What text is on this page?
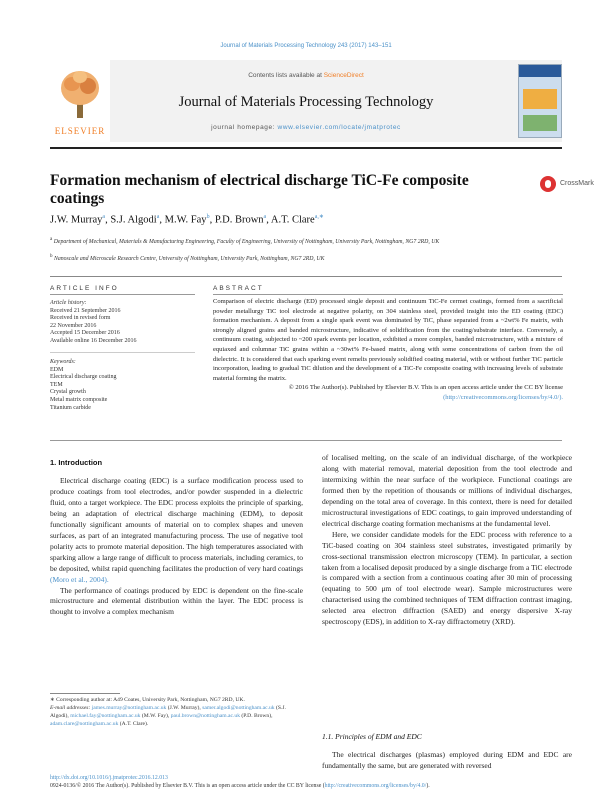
Journal of Materials Processing Technology 243 (2017) 143–151
ELSEVIER
Contents lists available at ScienceDirect
Journal of Materials Processing Technology
journal homepage: www.elsevier.com/locate/jmatprotec
Formation mechanism of electrical discharge TiC-Fe composite coatings
CrossMark
J.W. Murray$^a$, S.J. Algodi$^a$, M.W. Fay$^b$, P.D. Brown$^a$, A.T. Clare$^{a,∗}$
$^a$ Department of Mechanical, Materials & Manufacturing Engineering, Faculty of Engineering, University of Nottingham, University Park, Nottingham, NG7 2RD, UK
$^b$ Nanoscale and Microscale Research Centre, University of Nottingham, University Park, Nottingham, NG7 2RD, UK
ARTICLE INFO
Article history:
Received 21 September 2016
Received in revised form
22 November 2016
Accepted 15 December 2016
Available online 16 December 2016
Keywords:
EDM
Electrical discharge coating
TEM
Crystal growth
Metal matrix composite
Titanium carbide
ABSTRACT
Comparison of electric discharge (ED) processed single deposit and continuum TiC-Fe cermet coatings, formed from a sacrificial powder metallurgy TiC tool electrode at negative polarity, on 304 stainless steel, provided insight into the ED coating (EDC) formation mechanism. A deposit from a single spark event was dominated by TiC, phase separated from a ~2wt% Fe matrix, with strongly aligned grains and banded microstructure, indicative of solidification from the coating/substrate interface. Conversely, a continuum coating, subjected to ~200 spark events per location, exhibited a more complex, banded microstructure, with a mixture of equiaxed and columnar TiC grains within a ~30wt% Fe-based matrix, along with some concentrations of carbon from the oil dielectric. It is considered that each sparking event remelts previously solidified coating material, with or without further TiC particle incorporation, leading to gradual TiC dilution and the development of a TiC-Fe composite coating with increasing levels of substrate material forming the matrix.
© 2016 The Author(s). Published by Elsevier B.V. This is an open access article under the CC BY license (http://creativecommons.org/licenses/by/4.0/).
1. Introduction

Electrical discharge coating (EDC) is a surface modification process used to produce coatings from tool electrodes, and/or powder suspended in a dielectric fluid, onto a target workpiece. The EDC process exploits the principle of sparking, being an adaptation of electrical discharge machining (EDM), to deposit functionally significant amounts of material on to complex shapes and uneven surfaces, as part of an integrated manufacturing process. The use of negative tool polarity acts to promote material deposition. The high temperatures associated with sparking allow a large range of difficult to process materials, including ceramics, to be deposited, whilst rapid quenching facilitates the production of very hard coatings (Moro et al., 2004).

The performance of coatings produced by EDC is dependent on the fine-scale microstructure and elemental distribution within the layer. The EDC process is thought to involve a complex mechanism

of localised melting, on the scale of an individual discharge, of the workpiece along with material removal, material deposition from the tool electrode and intermixing within the near surface of the workpiece. Functional coatings are formed then by the repetition of thousands or millions of individual discharges, depending on the total area of coverage. In this context, there is need for detailed microstructural investigations of EDC coatings, to gain improved understanding of electrical discharge coating formation mechanisms at the fundamental level.

Here, we consider candidate models for the EDC process with reference to a TiC-based coating on 304 stainless steel substrates, investigated primarily by cross-sectional transmission electron microscopy (TEM). In particular, a section taken from a localised deposit produced by a single discharge from a TiC electrode is compared with a section from a continuous coating after 30 min of processing (equating to 500 μm of tool electrode wear). Sample microstructures were characterised using the combined techniques of TEM diffraction contrast imaging, selected area electron diffraction (SAED) and energy dispersive X-ray spectroscopy (EDS), in addition to X-ray diffractometry (XRD).

1.1. Principles of EDM and EDC

The electrical discharges (plasmas) employed during EDM and EDC are fundamentally the same, but are generated with reversed

∗ Corresponding author at: A49 Coates, University Park, Nottingham, NG7 2RD, UK.
E-mail addresses: james.murray@nottingham.ac.uk (J.W. Murray), samer.algodi@nottingham.ac.uk (S.J. Algodi), michael.fay@nottingham.ac.uk (M.W. Fay), paul.brown@nottingham.ac.uk (P.D. Brown), adam.clare@nottingham.ac.uk (A.T. Clare).
http://dx.doi.org/10.1016/j.jmatprotec.2016.12.013
0924-0136/© 2016 The Author(s). Published by Elsevier B.V. This is an open access article under the CC BY license (http://creativecommons.org/licenses/by/4.0/).
